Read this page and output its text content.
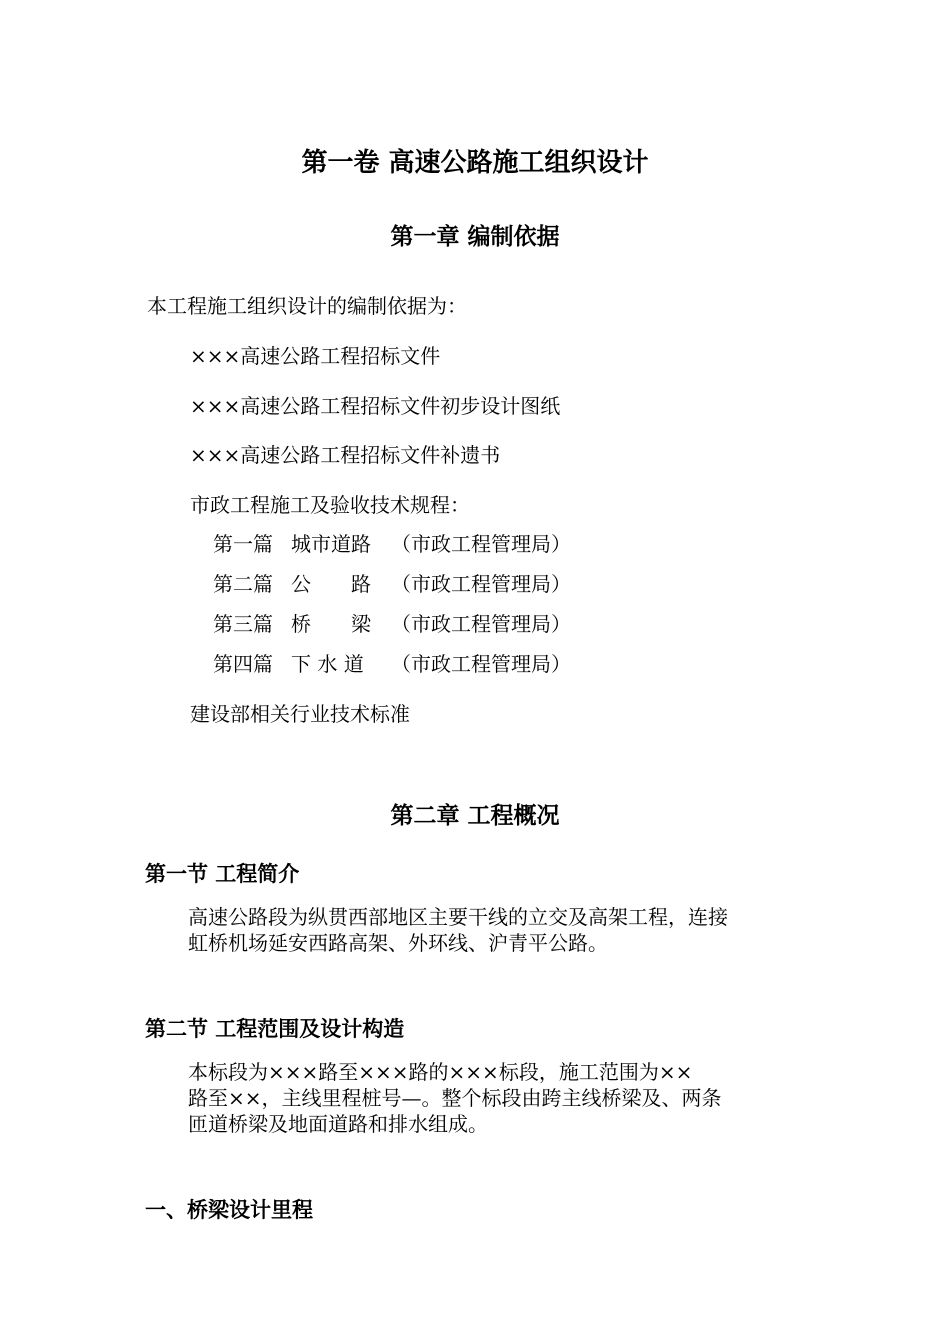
第一卷 高速公路施工组织设计
第一章 编制依据
本工程施工组织设计的编制依据为：
×××高速公路工程招标文件
×××高速公路工程招标文件初步设计图纸
×××高速公路工程招标文件补遗书
市政工程施工及验收技术规程：
第一篇 城市道路 （市政工程管理局）
第二篇 公　　路 （市政工程管理局）
第三篇 桥　　梁 （市政工程管理局）
第四篇 下 水 道 （市政工程管理局）
建设部相关行业技术标准
第二章 工程概况
第一节 工程简介
高速公路段为纵贯西部地区主要干线的立交及高架工程，连接
虹桥机场延安西路高架、外环线、沪青平公路。
第二节 工程范围及设计构造
本标段为×××路至×××路的×××标段，施工范围为××
路至××，主线里程桩号—。整个标段由跨主线桥梁及、两条
匝道桥梁及地面道路和排水组成。
一、桥梁设计里程
